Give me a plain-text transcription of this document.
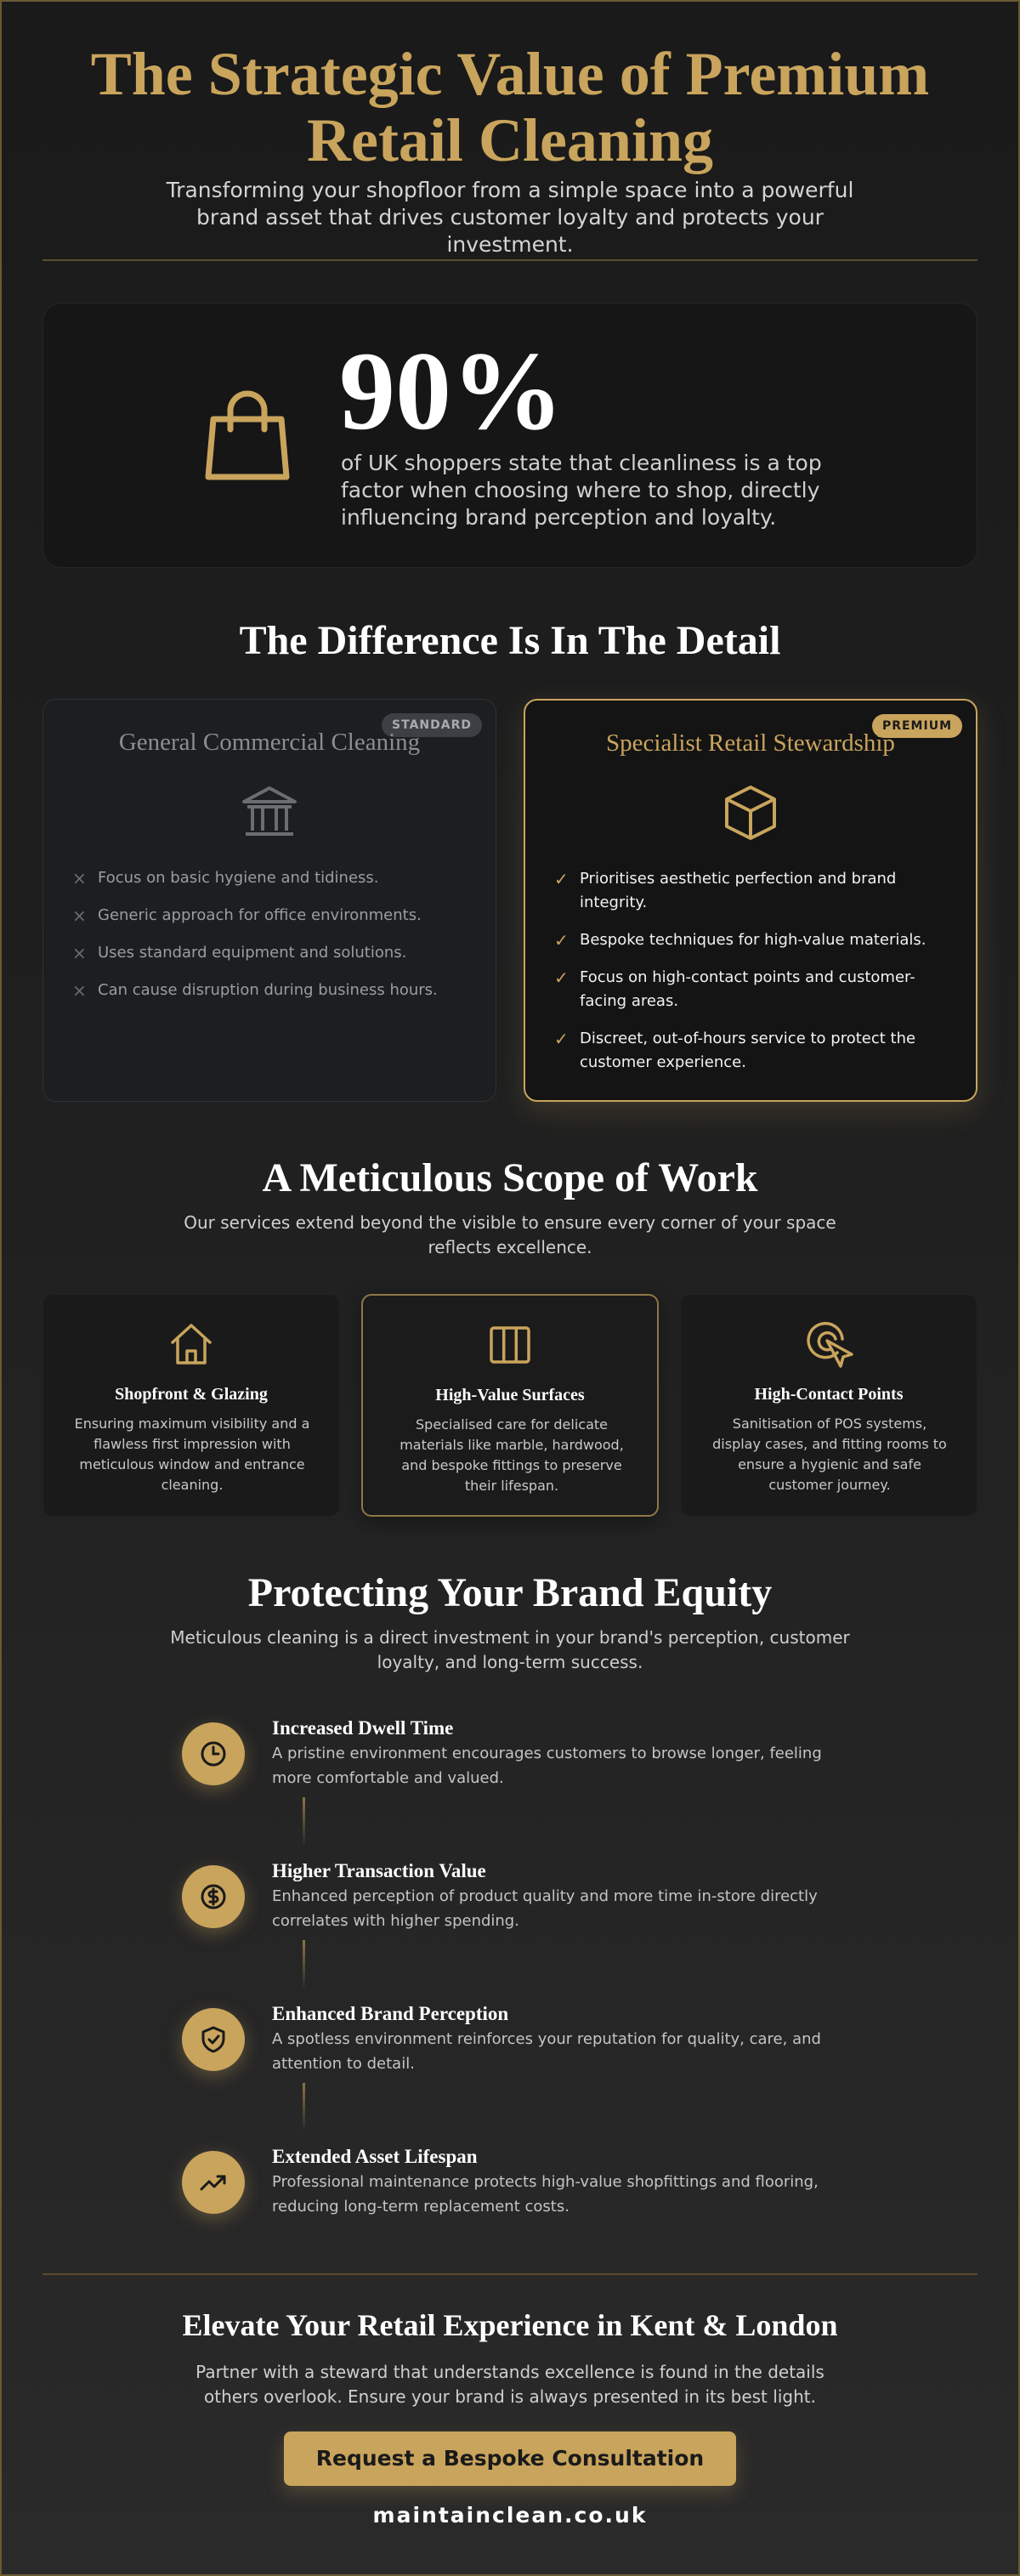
The Strategic Value of Premium
Retail Cleaning

Transforming your shopfloor from a simple space into a powerful brand asset that drives customer loyalty and protects your investment.

90%

of UK shoppers state that cleanliness is a top factor when choosing where to shop, directly influencing brand perception and loyalty.

The Difference Is In The Detail
STANDARD
General Commercial Cleaning
× Focus on basic hygiene and tidiness.
× Generic approach for office environments.
× Uses standard equipment and solutions.
× Can cause disruption during business hours.
PREMIUM
Specialist Retail Stewardship
✓ Prioritises aesthetic perfection and brand integrity.
✓ Bespoke techniques for high-value materials.
✓ Focus on high-contact points and customer-facing areas.
✓ Discreet, out-of-hours service to protect the customer experience.
A Meticulous Scope of Work

Our services extend beyond the visible to ensure every corner of your space reflects excellence.

Shopfront & Glazing

Ensuring maximum visibility and a flawless first impression with meticulous window and entrance cleaning.

High-Value Surfaces

Specialised care for delicate materials like marble, hardwood, and bespoke fittings to preserve their lifespan.

High-Contact Points

Sanitisation of POS systems, display cases, and fitting rooms to ensure a hygienic and safe customer journey.

Protecting Your Brand Equity

Meticulous cleaning is a direct investment in your brand's perception, customer loyalty, and long-term success.

Increased Dwell Time

A pristine environment encourages customers to browse longer, feeling more comfortable and valued.

Higher Transaction Value

Enhanced perception of product quality and more time in-store directly correlates with higher spending.

Enhanced Brand Perception

A spotless environment reinforces your reputation for quality, care, and attention to detail.

Extended Asset Lifespan

Professional maintenance protects high-value shopfittings and flooring, reducing long-term replacement costs.

Elevate Your Retail Experience in Kent & London

Partner with a steward that understands excellence is found in the details others overlook. Ensure your brand is always presented in its best light.

Request a Bespoke Consultation
maintainclean.co.uk
